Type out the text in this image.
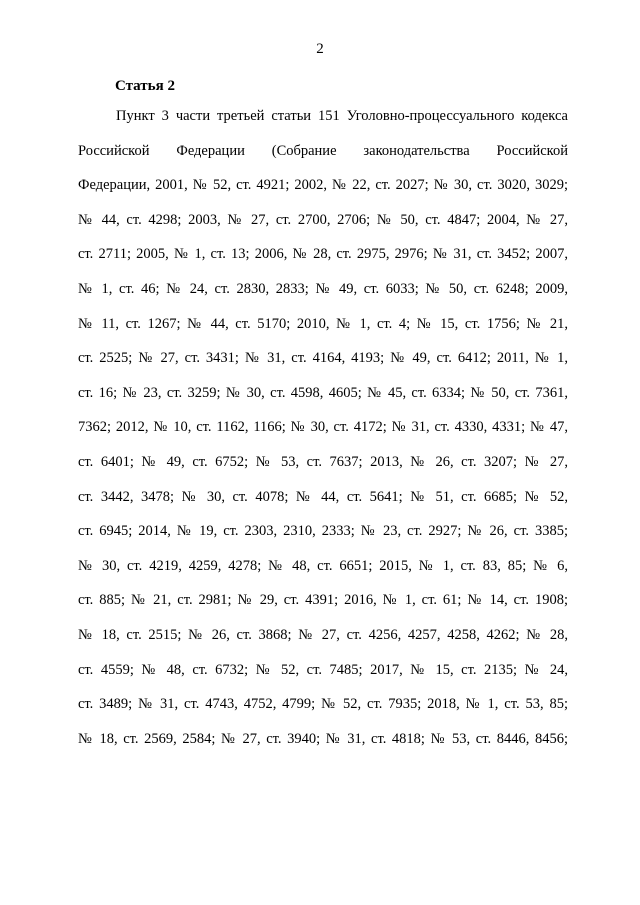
2
Статья 2
Пункт 3 части третьей статьи 151 Уголовно-процессуального кодекса
Российской Федерации (Собрание законодательства Российской
Федерации, 2001, № 52, ст. 4921; 2002, № 22, ст. 2027; № 30, ст. 3020, 3029;
№ 44, ст. 4298; 2003, № 27, ст. 2700, 2706; № 50, ст. 4847; 2004, № 27,
ст. 2711; 2005, № 1, ст. 13; 2006, № 28, ст. 2975, 2976; № 31, ст. 3452; 2007,
№ 1, ст. 46; № 24, ст. 2830, 2833; № 49, ст. 6033; № 50, ст. 6248; 2009,
№ 11, ст. 1267; № 44, ст. 5170; 2010, № 1, ст. 4; № 15, ст. 1756; № 21,
ст. 2525; № 27, ст. 3431; № 31, ст. 4164, 4193; № 49, ст. 6412; 2011, № 1,
ст. 16; № 23, ст. 3259; № 30, ст. 4598, 4605; № 45, ст. 6334; № 50, ст. 7361,
7362; 2012, № 10, ст. 1162, 1166; № 30, ст. 4172; № 31, ст. 4330, 4331; № 47,
ст. 6401; № 49, ст. 6752; № 53, ст. 7637; 2013, № 26, ст. 3207; № 27,
ст. 3442, 3478; № 30, ст. 4078; № 44, ст. 5641; № 51, ст. 6685; № 52,
ст. 6945; 2014, № 19, ст. 2303, 2310, 2333; № 23, ст. 2927; № 26, ст. 3385;
№ 30, ст. 4219, 4259, 4278; № 48, ст. 6651; 2015, № 1, ст. 83, 85; № 6,
ст. 885; № 21, ст. 2981; № 29, ст. 4391; 2016, № 1, ст. 61; № 14, ст. 1908;
№ 18, ст. 2515; № 26, ст. 3868; № 27, ст. 4256, 4257, 4258, 4262; № 28,
ст. 4559; № 48, ст. 6732; № 52, ст. 7485; 2017, № 15, ст. 2135; № 24,
ст. 3489; № 31, ст. 4743, 4752, 4799; № 52, ст. 7935; 2018, № 1, ст. 53, 85;
№ 18, ст. 2569, 2584; № 27, ст. 3940; № 31, ст. 4818; № 53, ст. 8446, 8456;
